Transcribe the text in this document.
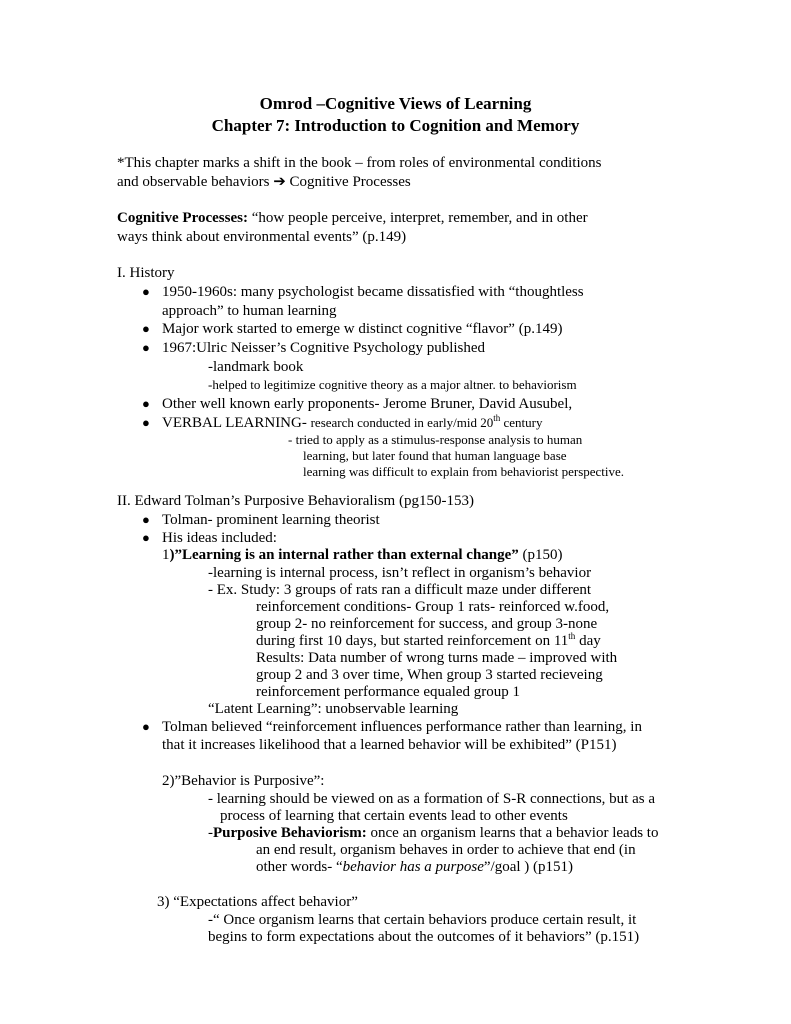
Omrod –Cognitive Views of Learning
Chapter 7: Introduction to Cognition and Memory
*This chapter marks a shift in the book – from roles of environmental conditions
and observable behaviors ➔ Cognitive Processes
Cognitive Processes: “how people perceive, interpret, remember, and in other
ways think about environmental events” (p.149)
I. History
● 1950-1960s: many psychologist became dissatisfied with “thoughtless
approach” to human learning
● Major work started to emerge w distinct cognitive “flavor” (p.149)
● 1967:Ulric Neisser’s Cognitive Psychology published
-landmark book
-helped to legitimize cognitive theory as a major altner. to behaviorism
● Other well known early proponents- Jerome Bruner, David Ausubel,
● VERBAL LEARNING- research conducted in early/mid 20th century
- tried to apply as a stimulus-response analysis to human
learning, but later found that human language base
learning was difficult to explain from behaviorist perspective.
II. Edward Tolman’s Purposive Behavioralism (pg150-153)
● Tolman- prominent learning theorist
● His ideas included:
1)”Learning is an internal rather than external change” (p150)
-learning is internal process, isn’t reflect in organism’s behavior
- Ex. Study: 3 groups of rats ran a difficult maze under different
reinforcement conditions- Group 1 rats- reinforced w.food,
group 2- no reinforcement for success, and group 3-none
during first 10 days, but started reinforcement on 11th day
Results: Data number of wrong turns made – improved with
group 2 and 3 over time, When group 3 started recieveing
reinforcement performance equaled group 1
“Latent Learning”: unobservable learning
● Tolman believed “reinforcement influences performance rather than learning, in
that it increases likelihood that a learned behavior will be exhibited” (P151)
2)”Behavior is Purposive”:
- learning should be viewed on as a formation of S-R connections, but as a
process of learning that certain events lead to other events
-Purposive Behaviorism: once an organism learns that a behavior leads to
an end result, organism behaves in order to achieve that end (in
other words- “behavior has a purpose”/goal ) (p151)
3) “Expectations affect behavior”
-“ Once organism learns that certain behaviors produce certain result, it
begins to form expectations about the outcomes of it behaviors” (p.151)
